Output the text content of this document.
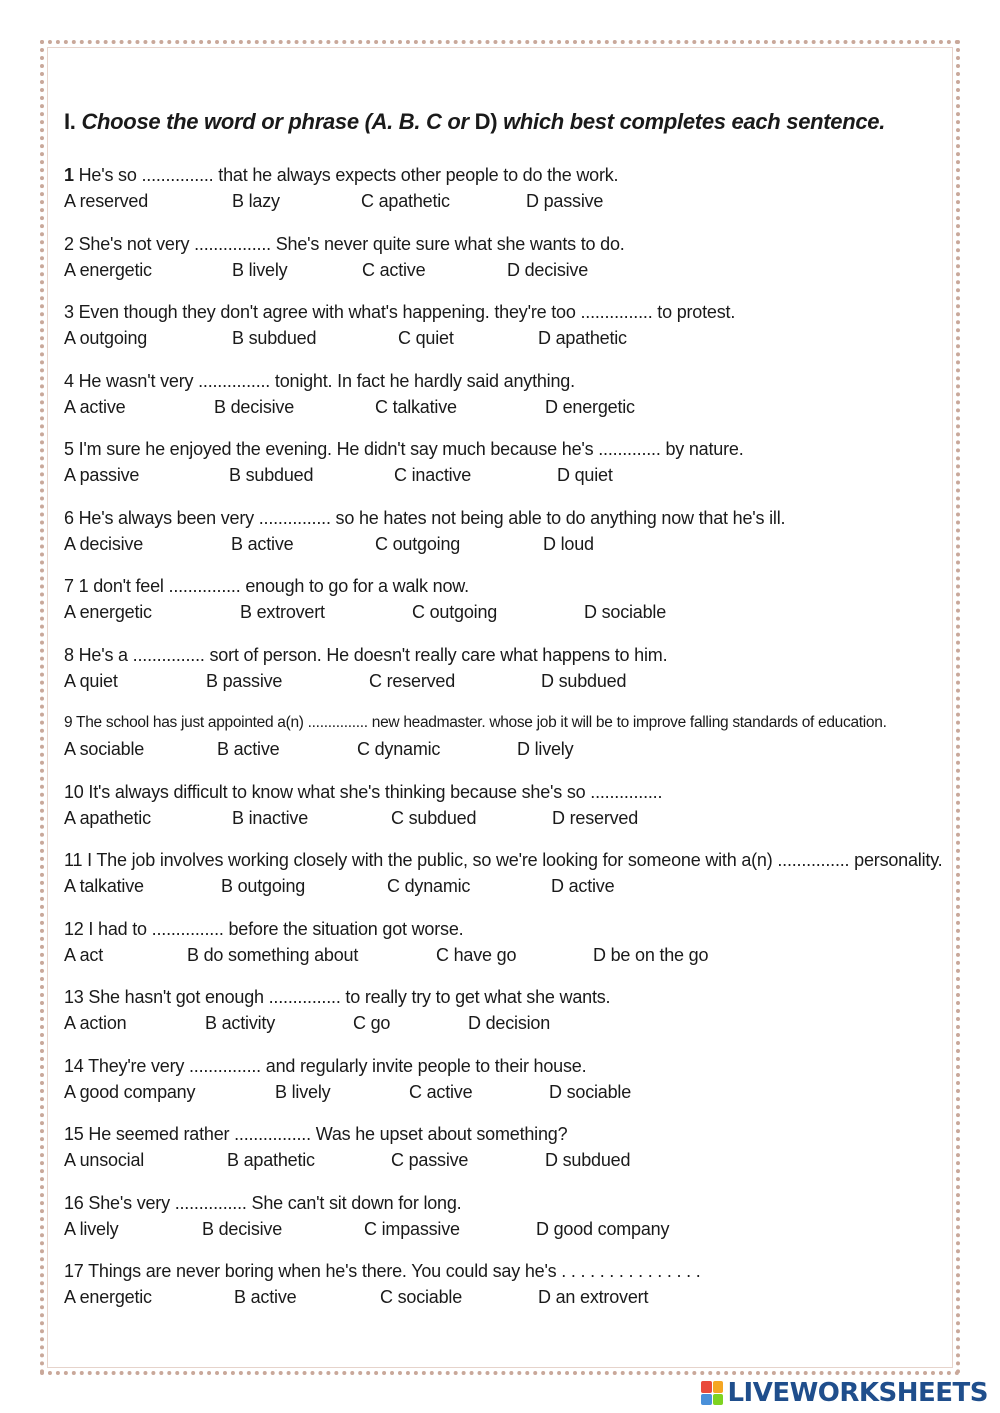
I. Choose the word or phrase (A. B. C or D) which best completes each sentence.
1 He's so ............... that he always expects other people to do the work.
A reserved	B lazy	C apathetic	D passive
2 She's not very ................ She's never quite sure what she wants to do.
A energetic	B lively	C active	D decisive
3 Even though they don't agree with what's happening. they're too ............... to protest.
A outgoing	B subdued	C quiet	D apathetic
4 He wasn't very ............... tonight. In fact he hardly said anything.
A active	B decisive	C talkative	D energetic
5 I'm sure he enjoyed the evening. He didn't say much because he's ............. by nature.
A passive	B subdued	C inactive	D quiet
6 He's always been very ............... so he hates not being able to do anything now that he's ill.
A decisive	B active	C outgoing	D loud
7 1 don't feel ............... enough to go for a walk now.
A energetic	B extrovert	C outgoing	D sociable
8 He's a ............... sort of person. He doesn't really care what happens to him.
A quiet	B passive	C reserved	D subdued
9 The school has just appointed a(n) ............... new headmaster. whose job it will be to improve falling standards of education.
A sociable	B active	C dynamic	D lively
10 It's always difficult to know what she's thinking because she's so ...............
A apathetic	B inactive	C subdued	D reserved
11 I The job involves working closely with the public, so we're looking for someone with a(n) ............... personality.
A talkative	B outgoing	C dynamic	D active
12 I had to ............... before the situation got worse.
A act	B do something about	C have go	D be on the go
13 She hasn't got enough ............... to really try to get what she wants.
A action	B activity	C go	D decision
14 They're very ............... and regularly invite people to their house.
A good company	B lively	C active	D sociable
15 He seemed rather ................ Was he upset about something?
A unsocial	B apathetic	C passive	D subdued
16 She's very ............... She can't sit down for long.
A lively	B decisive	C impassive	D good company
17 Things are never boring when he's there. You could say he's . . . . . . . . . . . . . . .
A energetic	B active	C sociable	D an extrovert
LIVEWORKSHEETS
